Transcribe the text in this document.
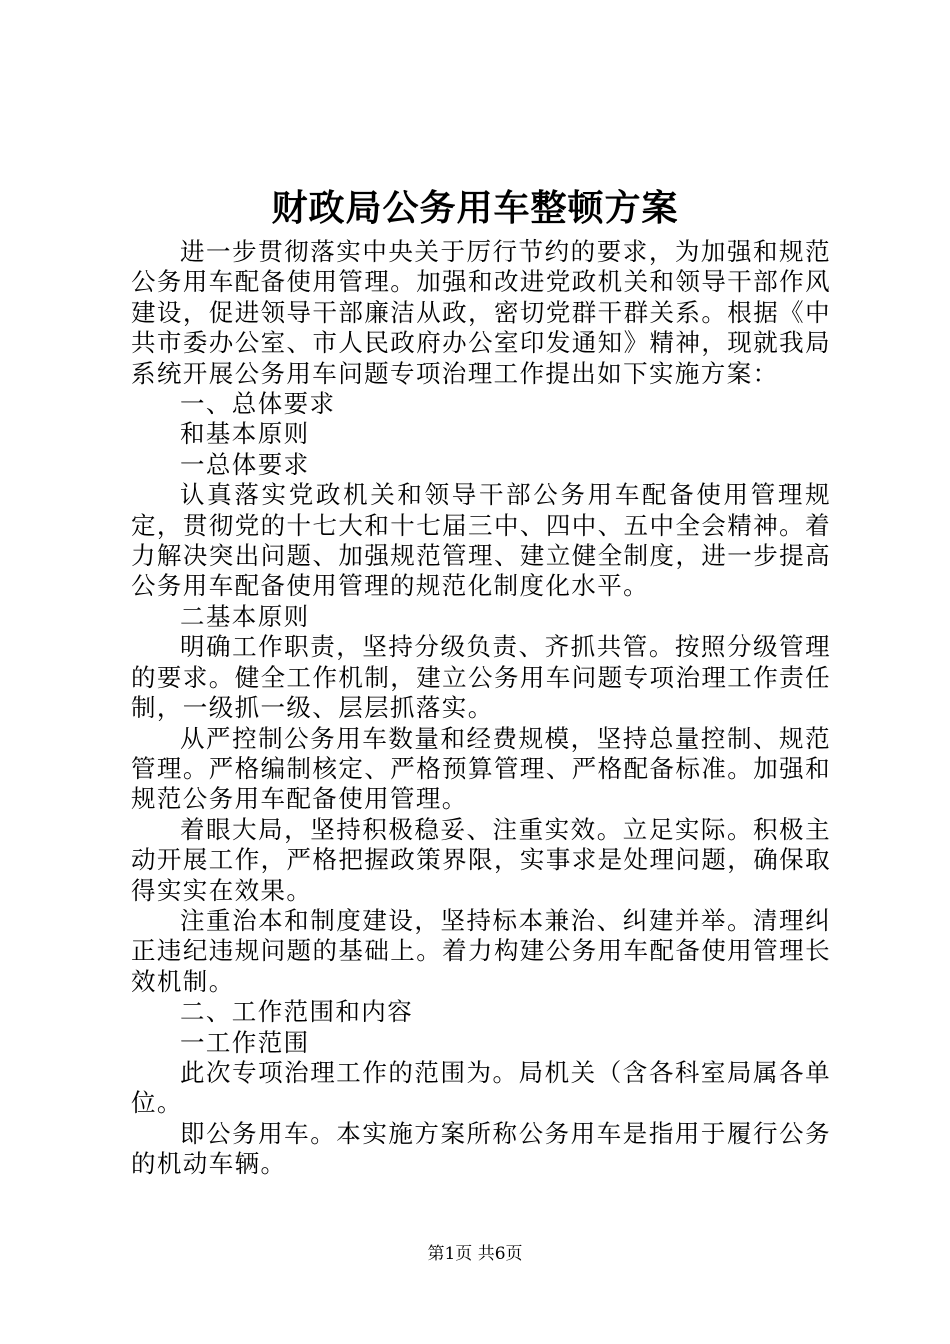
财政局公务用车整顿方案

进一步贯彻落实中央关于厉行节约的要求，为加强和规范公务用车配备使用管理。加强和改进党政机关和领导干部作风建设，促进领导干部廉洁从政，密切党群干群关系。根据《中共市委办公室、市人民政府办公室印发通知》精神，现就我局系统开展公务用车问题专项治理工作提出如下实施方案：

一、总体要求

和基本原则

一总体要求

认真落实党政机关和领导干部公务用车配备使用管理规定，贯彻党的十七大和十七届三中、四中、五中全会精神。着力解决突出问题、加强规范管理、建立健全制度，进一步提高公务用车配备使用管理的规范化制度化水平。

二基本原则

明确工作职责，坚持分级负责、齐抓共管。按照分级管理的要求。健全工作机制，建立公务用车问题专项治理工作责任制，一级抓一级、层层抓落实。

从严控制公务用车数量和经费规模，坚持总量控制、规范管理。严格编制核定、严格预算管理、严格配备标准。加强和规范公务用车配备使用管理。

着眼大局，坚持积极稳妥、注重实效。立足实际。积极主动开展工作，严格把握政策界限，实事求是处理问题，确保取得实实在效果。

注重治本和制度建设，坚持标本兼治、纠建并举。清理纠正违纪违规问题的基础上。着力构建公务用车配备使用管理长效机制。

二、工作范围和内容

一工作范围

此次专项治理工作的范围为。局机关（含各科室局属各单位。

即公务用车。本实施方案所称公务用车是指用于履行公务的机动车辆。

第1页 共6页
